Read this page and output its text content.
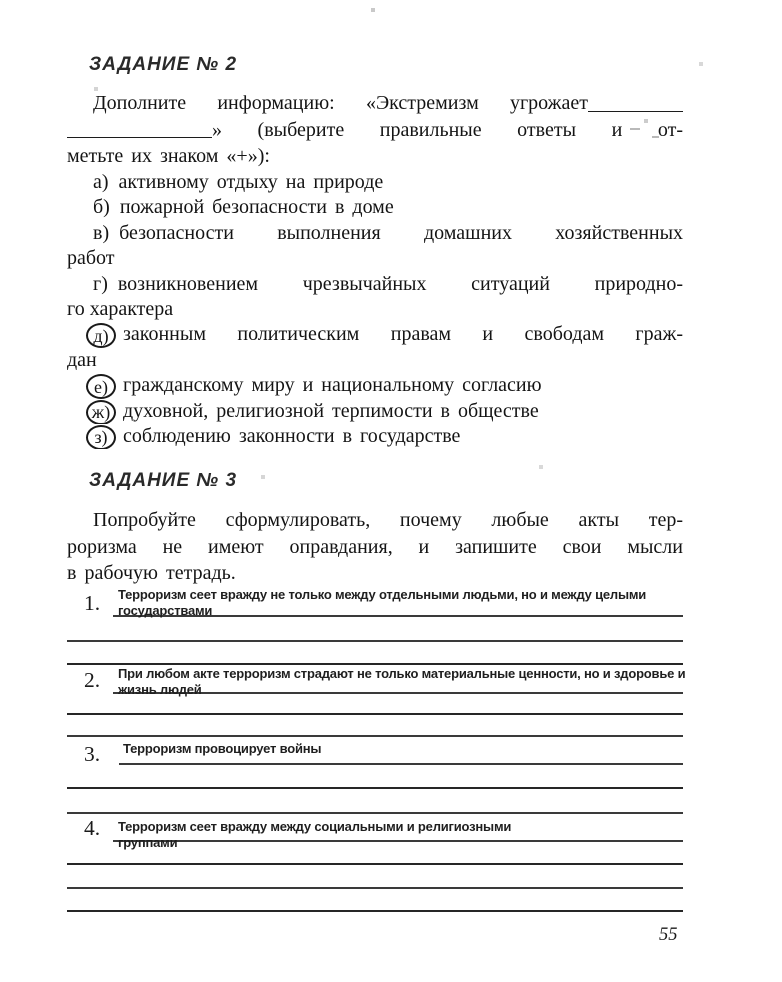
ЗАДАНИЕ № 2
Дополните информацию: «Экстремизм угрожает
» (выберите правильные ответы и от-
метьте их знаком «+»):
а) активному отдыху на природе
б) пожарной безопасности в доме
в) безопасности выполнения домашних хозяйственных
работ
г) возникновением чрезвычайных ситуаций природно-
го характера
д) законным политическим правам и свободам граж-
дан
е) гражданскому миру и национальному согласию
ж) духовной, религиозной терпимости в обществе
з) соблюдению законности в государстве
ЗАДАНИЕ № 3
Попробуйте сформулировать, почему любые акты тер-
роризма не имеют оправдания, и запишите свои мысли
в рабочую тетрадь.
1.
2.
3.
4.
Терроризм сеет вражду не только между отдельными людьми, но и между целыми
государствами
При любом акте терроризм страдают не только материальные ценности, но и здоровье и
жизнь людей
Терроризм провоцирует войны
Терроризм сеет вражду между социальными и религиозными
группами
55
